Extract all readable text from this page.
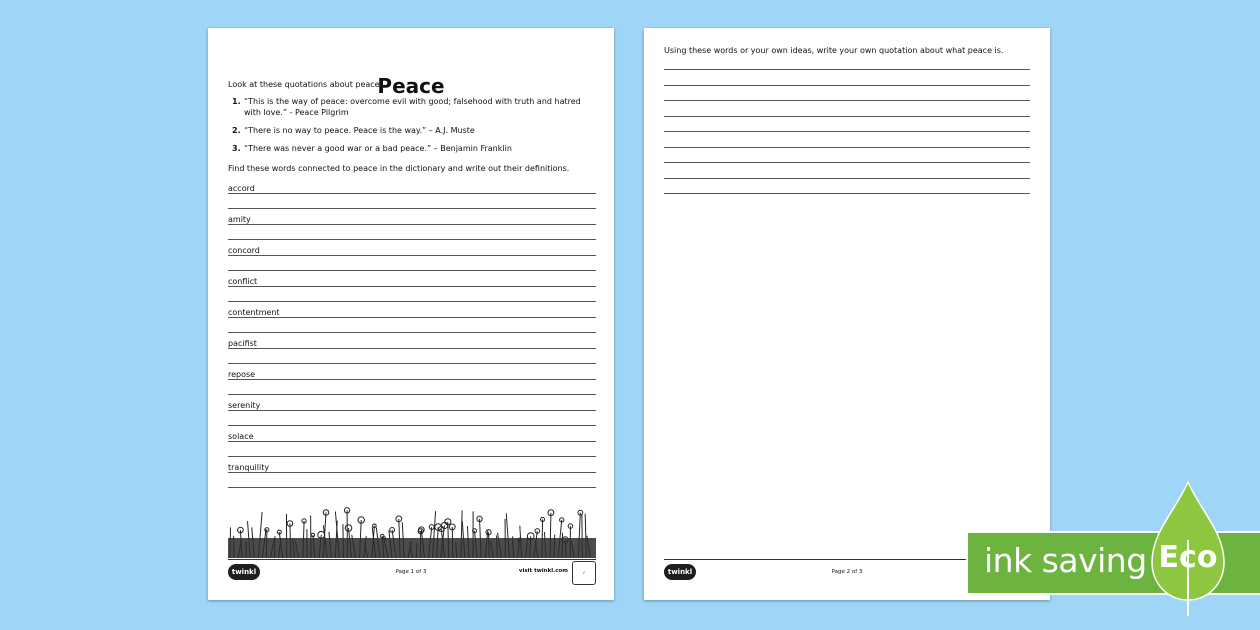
Peace
Look at these quotations about peace.
1. “This is the way of peace: overcome evil with good; falsehood with truth and hatred with love.” - Peace Pilgrim
2. “There is no way to peace. Peace is the way.” – A.J. Muste
3. “There was never a good war or a bad peace.” – Benjamin Franklin
Find these words connected to peace in the dictionary and write out their definitions.
accord
amity
concord
conflict
contentment
pacifist
repose
serenity
solace
tranquility
twinkl	Page 1 of 3	visit twinkl.com	✓
Using these words or your own ideas, write your own quotation about what peace is.
twinkl	Page 2 of 3	ink saving Eco
